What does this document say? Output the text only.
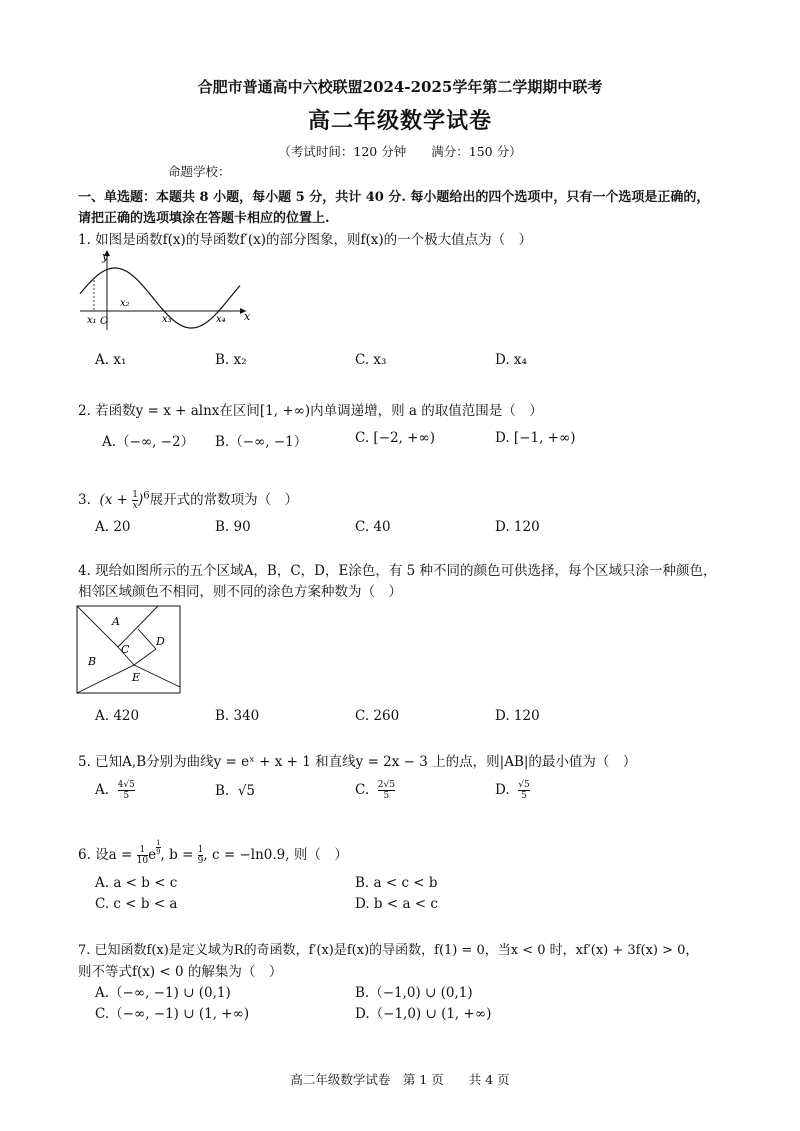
合肥市普通高中六校联盟2024-2025学年第二学期期中联考
高二年级数学试卷
（考试时间：120 分钟　　满分：150 分）
命题学校：
一、单选题：本题共 8 小题，每小题 5 分，共计 40 分. 每小题给出的四个选项中，只有一个选项是正确的，
请把正确的选项填涂在答题卡相应的位置上.
1. 如图是函数f(x)的导函数f′(x)的部分图象，则f(x)的一个极大值点为（　）
y
x
x₁ O
x₂
x₃	x₄
A. x₁	B. x₂	C. x₃	D. x₄
2. 若函数y = x + alnx在区间[1, +∞)内单调递增，则 a 的取值范围是（　）
A.（−∞, −2） B.（−∞, −1）	C. [−2, +∞)	D. [−1, +∞)
3.  $(x + \frac{1}{x} )^6$展开式的常数项为（　）
A. 20	B. 90	C. 40	D. 120
4. 现给如图所示的五个区域A，B，C，D，E涂色，有 5 种不同的颜色可供选择，每个区域只涂一种颜色，
相邻区域颜色不相同，则不同的涂色方案种数为（　）
A
B
C
D
E
A. 420	B. 340	C. 260	D. 120
5. 已知A,B分别为曲线y = eˣ + x + 1 和直线y = 2x − 3 上的点，则|AB|的最小值为（　）
A. $\frac{4√5}{5}$	B. √5	C. $\frac{2√5}{5}$	D. $\frac{√5}{5}$
6. 设$a = \frac{1}{10}$ e $\frac{1}{9}$ , $b = \frac{1}{9}$ , c = −ln0.9, 则（　）
A. a < b < c	B. a < c < b
C. c < b < a	D. b < a < c
7. 已知函数f(x)是定义域为R的奇函数，f′(x)是f(x)的导函数，f(1) = 0，当x < 0 时，xf′(x) + 3f(x) > 0，
则不等式f(x) < 0 的解集为（　）
A.（−∞, −1) ∪ (0,1)	B.（−1,0) ∪ (0,1)
C.（−∞, −1) ∪ (1, +∞)	D.（−1,0) ∪ (1, +∞)
高二年级数学试卷　第 1 页　　共 4 页
